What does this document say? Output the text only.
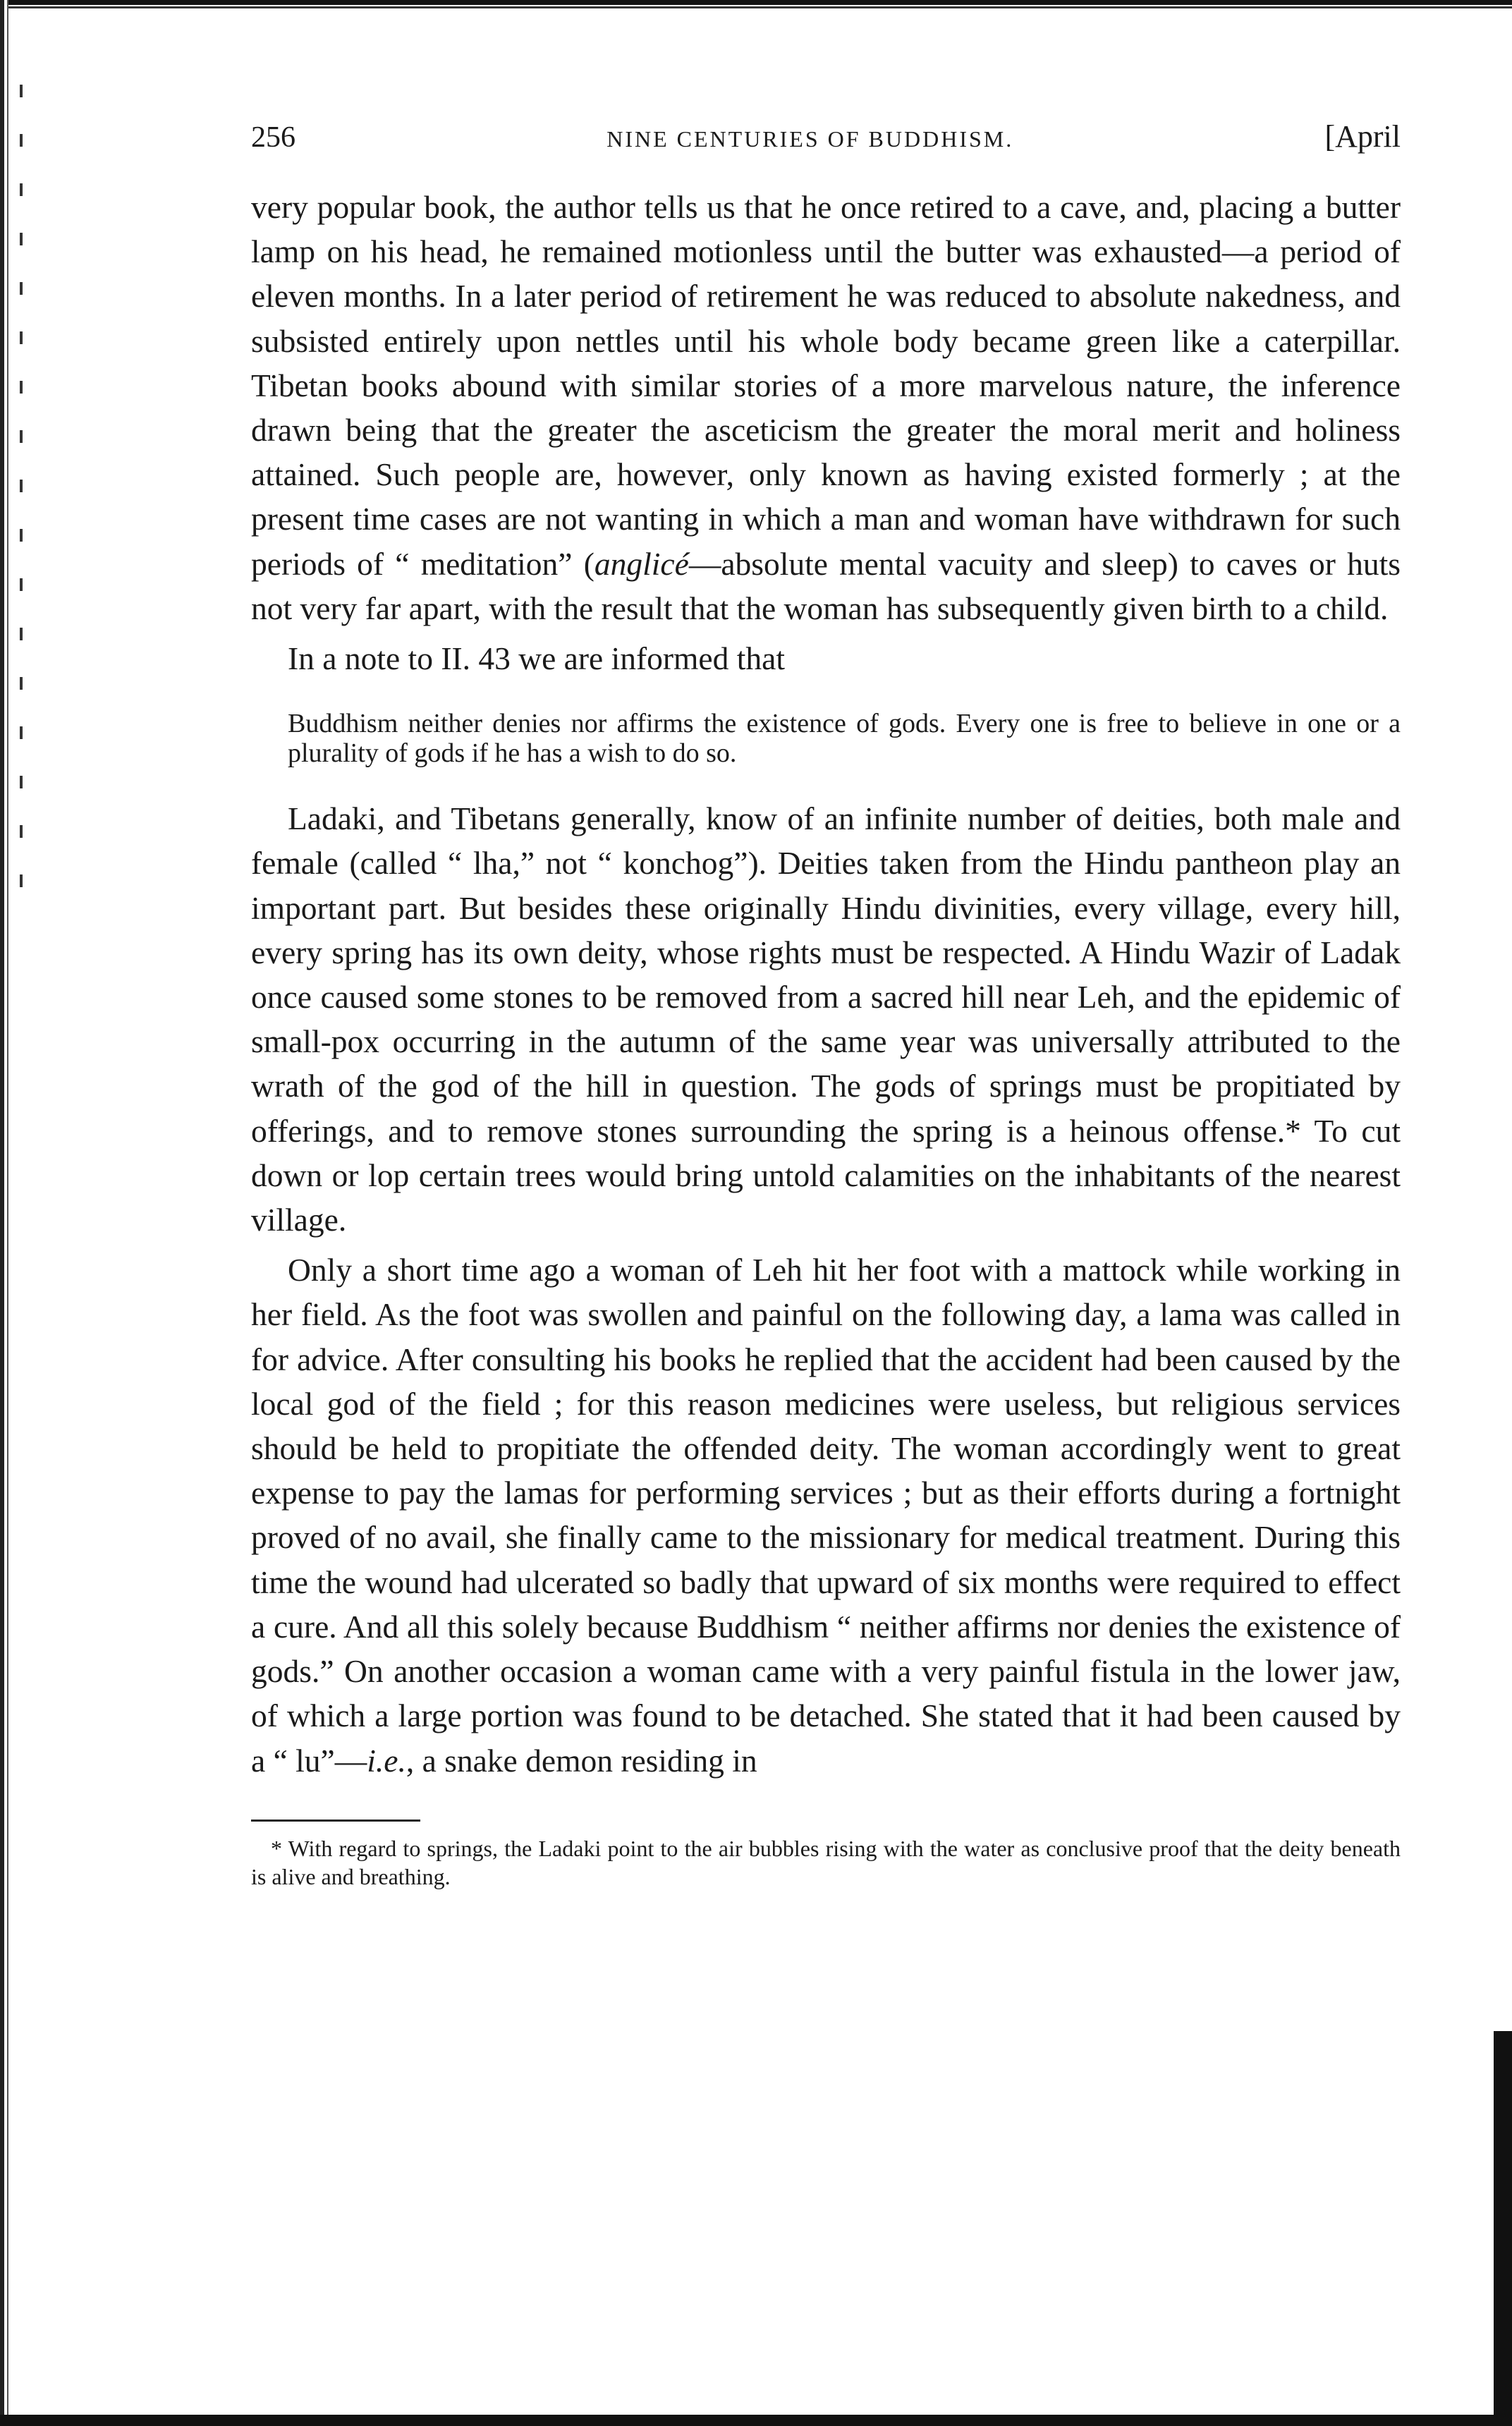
256	NINE CENTURIES OF BUDDHISM.	[April

very popular book, the author tells us that he once retired to a cave, and, placing a butter lamp on his head, he remained motionless until the butter was exhausted—a period of eleven months. In a later period of retirement he was reduced to absolute nakedness, and subsisted entirely upon nettles until his whole body became green like a caterpillar. Tibetan books abound with similar stories of a more marvelous nature, the inference drawn being that the greater the asceticism the greater the moral merit and holiness attained. Such people are, however, only known as having existed formerly ; at the present time cases are not wanting in which a man and woman have withdrawn for such periods of “ meditation” (anglicé—absolute mental vacuity and sleep) to caves or huts not very far apart, with the result that the woman has subsequently given birth to a child.

In a note to II. 43 we are informed that

Buddhism neither denies nor affirms the existence of gods. Every one is free to believe in one or a plurality of gods if he has a wish to do so.

Ladaki, and Tibetans generally, know of an infinite number of deities, both male and female (called “ lha,” not “ konchog”). Deities taken from the Hindu pantheon play an important part. But besides these originally Hindu divinities, every village, every hill, every spring has its own deity, whose rights must be respected. A Hindu Wazir of Ladak once caused some stones to be removed from a sacred hill near Leh, and the epidemic of small-pox occurring in the autumn of the same year was universally attributed to the wrath of the god of the hill in question. The gods of springs must be propitiated by offerings, and to remove stones surrounding the spring is a heinous offense.* To cut down or lop certain trees would bring untold calamities on the inhabitants of the nearest village.

Only a short time ago a woman of Leh hit her foot with a mattock while working in her field. As the foot was swollen and painful on the following day, a lama was called in for advice. After consulting his books he replied that the accident had been caused by the local god of the field ; for this reason medicines were useless, but religious services should be held to propitiate the offended deity. The woman accordingly went to great expense to pay the lamas for performing services ; but as their efforts during a fortnight proved of no avail, she finally came to the missionary for medical treatment. During this time the wound had ulcerated so badly that upward of six months were required to effect a cure. And all this solely because Buddhism “ neither affirms nor denies the existence of gods.” On another occasion a woman came with a very painful fistula in the lower jaw, of which a large portion was found to be detached. She stated that it had been caused by a “ lu”—i.e., a snake demon residing in

* With regard to springs, the Ladaki point to the air bubbles rising with the water as conclusive proof that the deity beneath is alive and breathing.
